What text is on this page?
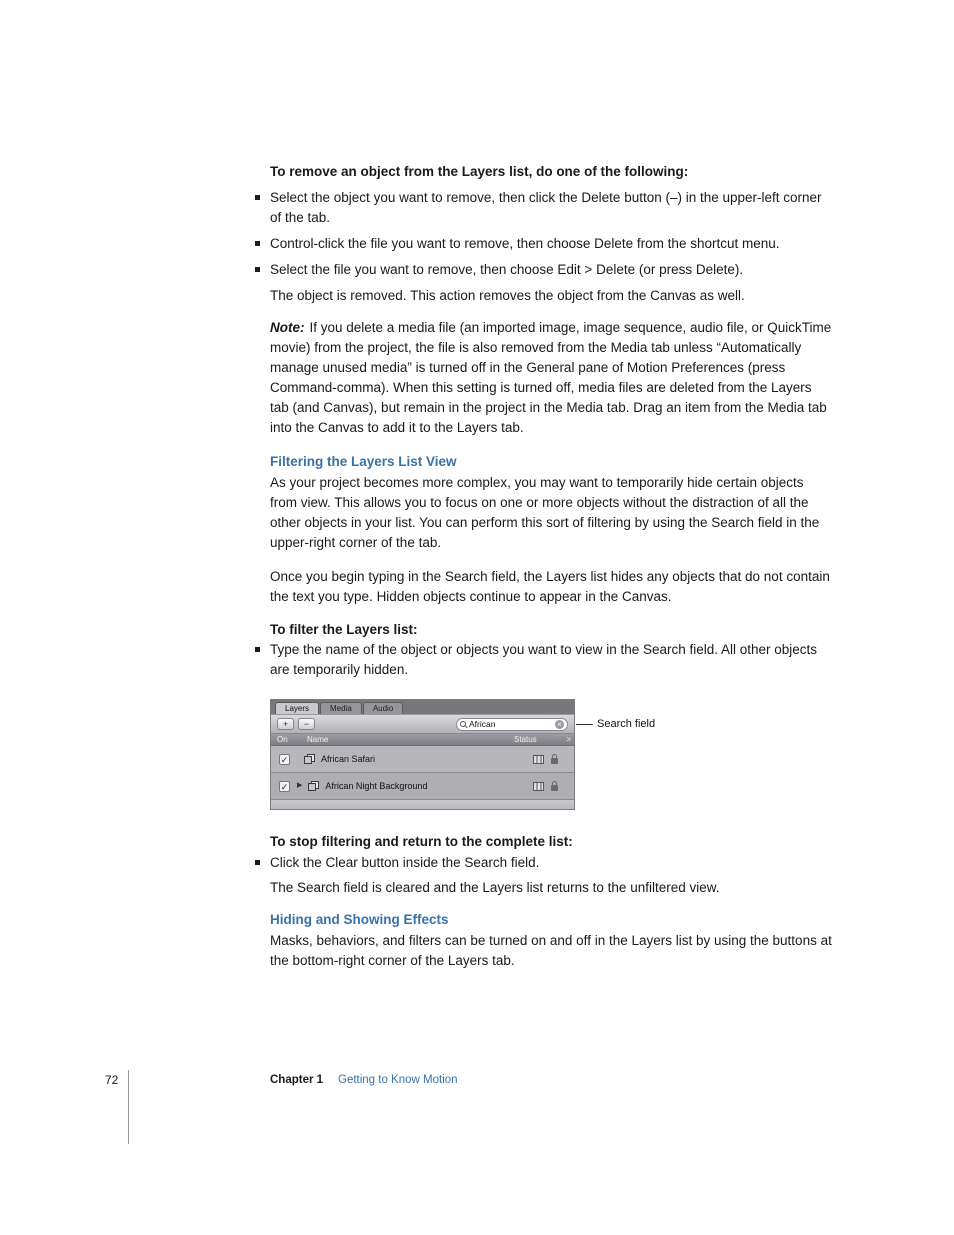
To remove an object from the Layers list, do one of the following:

Select the object you want to remove, then click the Delete button (–) in the upper-left corner of the tab.
Control-click the file you want to remove, then choose Delete from the shortcut menu.
Select the file you want to remove, then choose Edit > Delete (or press Delete).

The object is removed. This action removes the object from the Canvas as well.

Note: If you delete a media file (an imported image, image sequence, audio file, or QuickTime movie) from the project, the file is also removed from the Media tab unless “Automatically manage unused media” is turned off in the General pane of Motion Preferences (press Command-comma). When this setting is turned off, media files are deleted from the Layers tab (and Canvas), but remain in the project in the Media tab. Drag an item from the Media tab into the Canvas to add it to the Layers tab.

Filtering the Layers List View

As your project becomes more complex, you may want to temporarily hide certain objects from view. This allows you to focus on one or more objects without the distraction of all the other objects in your list. You can perform this sort of filtering by using the Search field in the upper-right corner of the tab.

Once you begin typing in the Search field, the Layers list hides any objects that do not contain the text you type. Hidden objects continue to appear in the Canvas.

To filter the Layers list:

Type the name of the object or objects you want to view in the Search field. All other objects are temporarily hidden.
Layers	Media	Audio
+	−	African	×
On Name	Status	>
✓	African Safari
✓ ▶	African Night Background
Search field

To stop filtering and return to the complete list:

Click the Clear button inside the Search field.

The Search field is cleared and the Layers list returns to the unfiltered view.

Hiding and Showing Effects

Masks, behaviors, and filters can be turned on and off in the Layers list by using the buttons at the bottom-right corner of the Layers tab.

72	Chapter 1 Getting to Know Motion
